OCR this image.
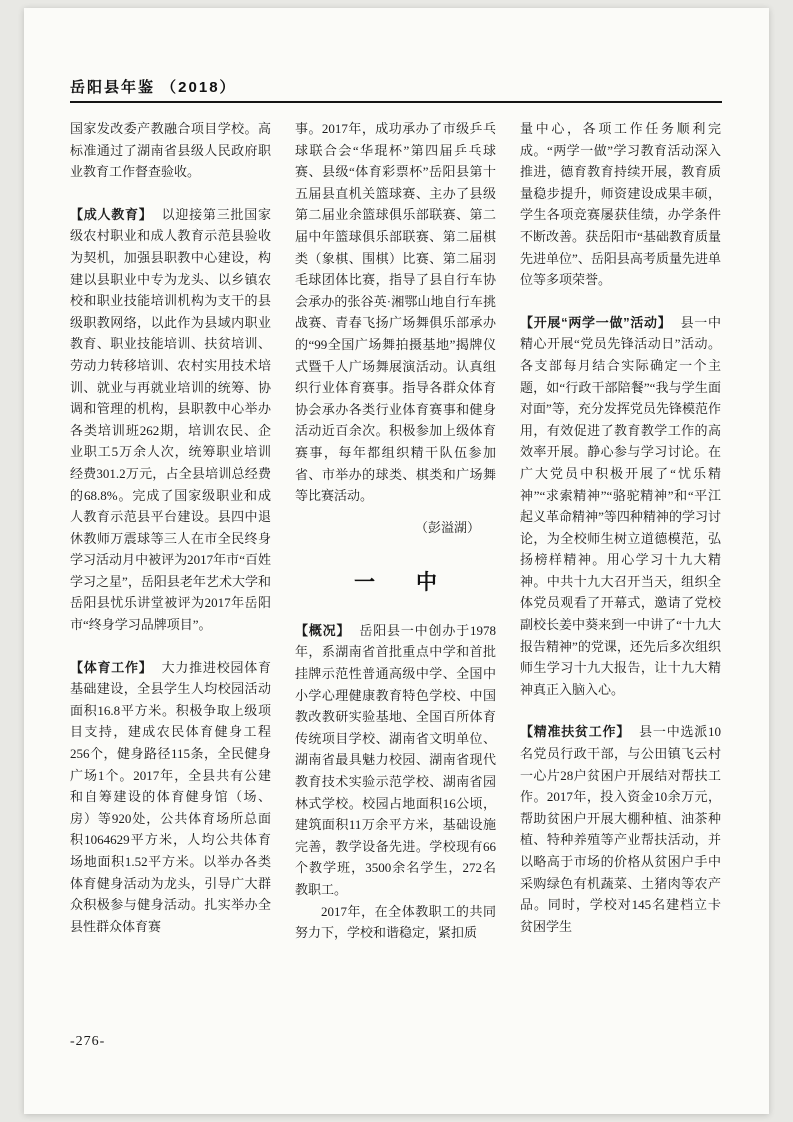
岳阳县年鉴 （2018）

国家发改委产教融合项目学校。高标准通过了湖南省县级人民政府职业教育工作督查验收。

【成人教育】 以迎接第三批国家级农村职业和成人教育示范县验收为契机，加强县职教中心建设，构建以县职业中专为龙头、以乡镇农校和职业技能培训机构为支干的县级职教网络，以此作为县域内职业教育、职业技能培训、扶贫培训、劳动力转移培训、农村实用技术培训、就业与再就业培训的统筹、协调和管理的机构，县职教中心举办各类培训班262期，培训农民、企业职工5万余人次，统筹职业培训经费301.2万元，占全县培训总经费的68.8%。完成了国家级职业和成人教育示范县平台建设。县四中退休教师万震球等三人在市全民终身学习活动月中被评为2017年市“百姓学习之星”，岳阳县老年艺术大学和岳阳县忧乐讲堂被评为2017年岳阳市“终身学习品牌项目”。

【体育工作】 大力推进校园体育基础建设，全县学生人均校园活动面积16.8平方米。积极争取上级项目支持，建成农民体育健身工程256个，健身路径115条，全民健身广场1个。2017年，全县共有公建和自筹建设的体育健身馆（场、房）等920处，公共体育场所总面积1064629平方米，人均公共体育场地面积1.52平方米。以举办各类体育健身活动为龙头，引导广大群众积极参与健身活动。扎实举办全县性群众体育赛

事。2017年，成功承办了市级乒乓球联合会“华琨杯”第四届乒乓球赛、县级“体育彩票杯”岳阳县第十五届县直机关篮球赛、主办了县级第二届业余篮球俱乐部联赛、第二届中年篮球俱乐部联赛、第二届棋类（象棋、围棋）比赛、第二届羽毛球团体比赛，指导了县自行车协会承办的张谷英·湘鄂山地自行车挑战赛、青春飞扬广场舞俱乐部承办的“99全国广场舞拍摄基地”揭牌仪式暨千人广场舞展演活动。认真组织行业体育赛事。指导各群众体育协会承办各类行业体育赛事和健身活动近百余次。积极参加上级体育赛事，每年都组织精干队伍参加省、市举办的球类、棋类和广场舞等比赛活动。

（彭溢湖）

一　中

【概况】 岳阳县一中创办于1978年，系湖南省首批重点中学和首批挂牌示范性普通高级中学、全国中小学心理健康教育特色学校、中国教改教研实验基地、全国百所体育传统项目学校、湖南省文明单位、湖南省最具魅力校园、湖南省现代教育技术实验示范学校、湖南省园林式学校。校园占地面积16公顷，建筑面积11万余平方米，基础设施完善，教学设备先进。学校现有66个教学班，3500余名学生，272名教职工。

2017年，在全体教职工的共同努力下，学校和谐稳定，紧扣质

量中心，各项工作任务顺利完成。“两学一做”学习教育活动深入推进，德育教育持续开展，教育质量稳步提升，师资建设成果丰硕，学生各项竞赛屡获佳绩，办学条件不断改善。获岳阳市“基础教育质量先进单位”、岳阳县高考质量先进单位等多项荣誉。

【开展“两学一做”活动】 县一中精心开展“党员先锋活动日”活动。各支部每月结合实际确定一个主题，如“行政干部陪餐”“我与学生面对面”等，充分发挥党员先锋模范作用，有效促进了教育教学工作的高效率开展。静心参与学习讨论。在广大党员中积极开展了“忧乐精神”“求索精神”“骆驼精神”和“平江起义革命精神”等四种精神的学习讨论，为全校师生树立道德模范，弘扬榜样精神。用心学习十九大精神。中共十九大召开当天，组织全体党员观看了开幕式，邀请了党校副校长姜中葵来到一中讲了“十九大报告精神”的党课，还先后多次组织师生学习十九大报告，让十九大精神真正入脑入心。

【精准扶贫工作】 县一中选派10名党员行政干部，与公田镇飞云村一心片28户贫困户开展结对帮扶工作。2017年，投入资金10余万元，帮助贫困户开展大棚种植、油茶种植、特种养殖等产业帮扶活动，并以略高于市场的价格从贫困户手中采购绿色有机蔬菜、土猪肉等农产品。同时，学校对145名建档立卡贫困学生

-276-
